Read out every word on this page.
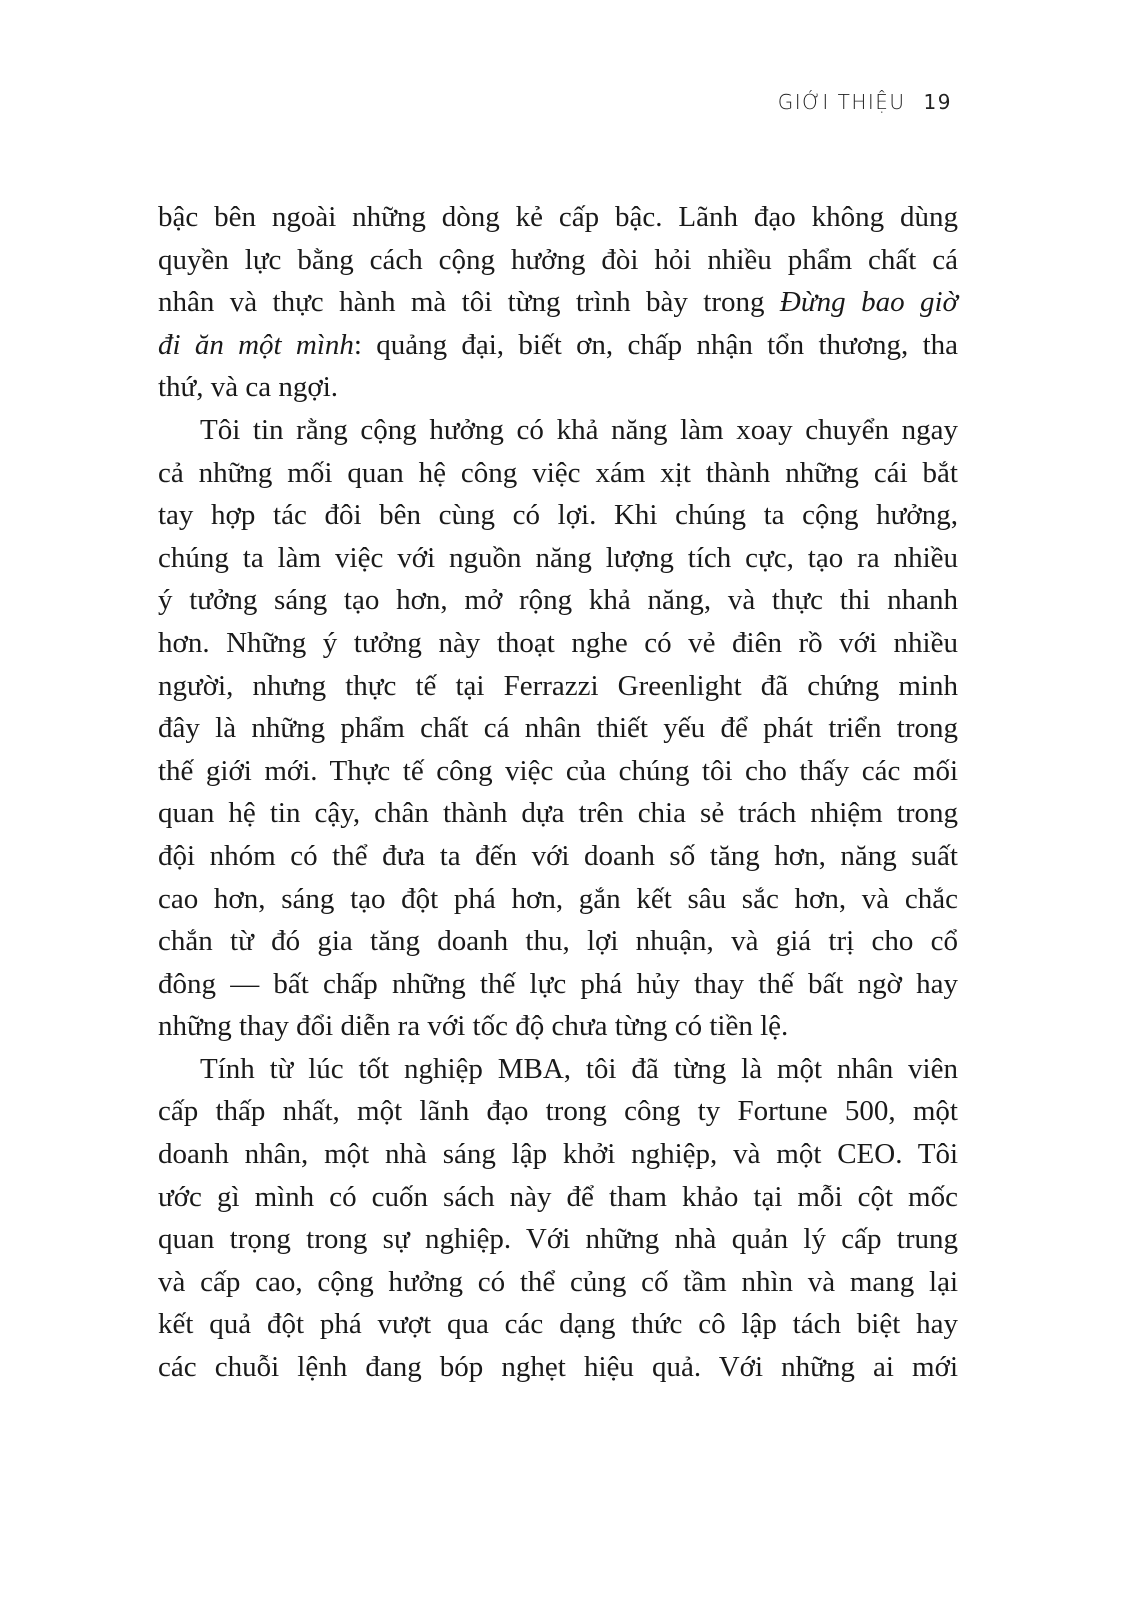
GIỚI THIỆU 19
bậc bên ngoài những dòng kẻ cấp bậc. Lãnh đạo không dùng
quyền lực bằng cách cộng hưởng đòi hỏi nhiều phẩm chất cá
nhân và thực hành mà tôi từng trình bày trong Đừng bao giờ
đi ăn một mình: quảng đại, biết ơn, chấp nhận tổn thương, tha
thứ, và ca ngợi.
Tôi tin rằng cộng hưởng có khả năng làm xoay chuyển ngay
cả những mối quan hệ công việc xám xịt thành những cái bắt
tay hợp tác đôi bên cùng có lợi. Khi chúng ta cộng hưởng,
chúng ta làm việc với nguồn năng lượng tích cực, tạo ra nhiều
ý tưởng sáng tạo hơn, mở rộng khả năng, và thực thi nhanh
hơn. Những ý tưởng này thoạt nghe có vẻ điên rồ với nhiều
người, nhưng thực tế tại Ferrazzi Greenlight đã chứng minh
đây là những phẩm chất cá nhân thiết yếu để phát triển trong
thế giới mới. Thực tế công việc của chúng tôi cho thấy các mối
quan hệ tin cậy, chân thành dựa trên chia sẻ trách nhiệm trong
đội nhóm có thể đưa ta đến với doanh số tăng hơn, năng suất
cao hơn, sáng tạo đột phá hơn, gắn kết sâu sắc hơn, và chắc
chắn từ đó gia tăng doanh thu, lợi nhuận, và giá trị cho cổ
đông — bất chấp những thế lực phá hủy thay thế bất ngờ hay
những thay đổi diễn ra với tốc độ chưa từng có tiền lệ.
Tính từ lúc tốt nghiệp MBA, tôi đã từng là một nhân viên
cấp thấp nhất, một lãnh đạo trong công ty Fortune 500, một
doanh nhân, một nhà sáng lập khởi nghiệp, và một CEO. Tôi
ước gì mình có cuốn sách này để tham khảo tại mỗi cột mốc
quan trọng trong sự nghiệp. Với những nhà quản lý cấp trung
và cấp cao, cộng hưởng có thể củng cố tầm nhìn và mang lại
kết quả đột phá vượt qua các dạng thức cô lập tách biệt hay
các chuỗi lệnh đang bóp nghẹt hiệu quả. Với những ai mới
